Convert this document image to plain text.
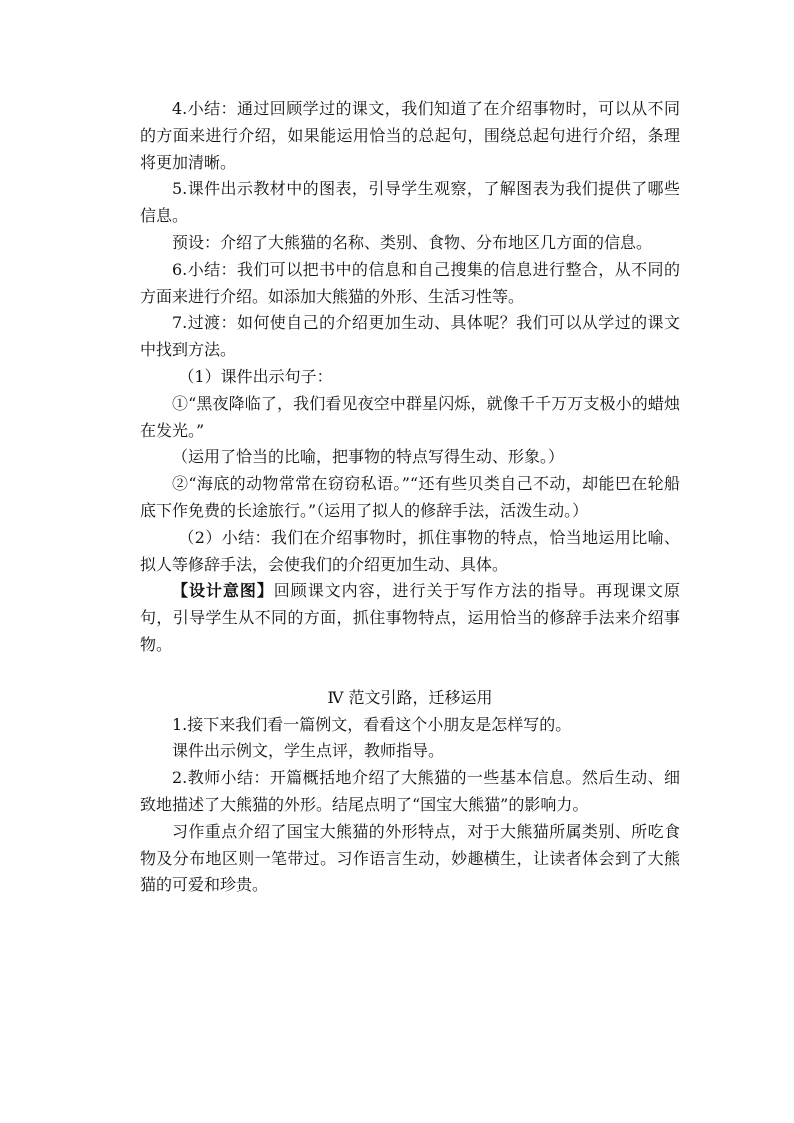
4.小结：通过回顾学过的课文，我们知道了在介绍事物时，可以从不同的方面来进行介绍，如果能运用恰当的总起句，围绕总起句进行介绍，条理将更加清晰。

5.课件出示教材中的图表，引导学生观察，了解图表为我们提供了哪些信息。

预设：介绍了大熊猫的名称、类别、食物、分布地区几方面的信息。

6.小结：我们可以把书中的信息和自己搜集的信息进行整合，从不同的方面来进行介绍。如添加大熊猫的外形、生活习性等。

7.过渡：如何使自己的介绍更加生动、具体呢？我们可以从学过的课文中找到方法。

（1）课件出示句子：

①“黑夜降临了，我们看见夜空中群星闪烁，就像千千万万支极小的蜡烛在发光。”

（运用了恰当的比喻，把事物的特点写得生动、形象。）

②“海底的动物常常在窃窃私语。”“还有些贝类自己不动，却能巴在轮船底下作免费的长途旅行。”（运用了拟人的修辞手法，活泼生动。）

（2）小结：我们在介绍事物时，抓住事物的特点，恰当地运用比喻、拟人等修辞手法，会使我们的介绍更加生动、具体。

【设计意图】回顾课文内容，进行关于写作方法的指导。再现课文原句，引导学生从不同的方面，抓住事物特点，运用恰当的修辞手法来介绍事物。

Ⅳ 范文引路，迁移运用

1.接下来我们看一篇例文，看看这个小朋友是怎样写的。

课件出示例文，学生点评，教师指导。

2.教师小结：开篇概括地介绍了大熊猫的一些基本信息。然后生动、细致地描述了大熊猫的外形。结尾点明了“国宝大熊猫”的影响力。

习作重点介绍了国宝大熊猫的外形特点，对于大熊猫所属类别、所吃食物及分布地区则一笔带过。习作语言生动，妙趣横生，让读者体会到了大熊猫的可爱和珍贵。
